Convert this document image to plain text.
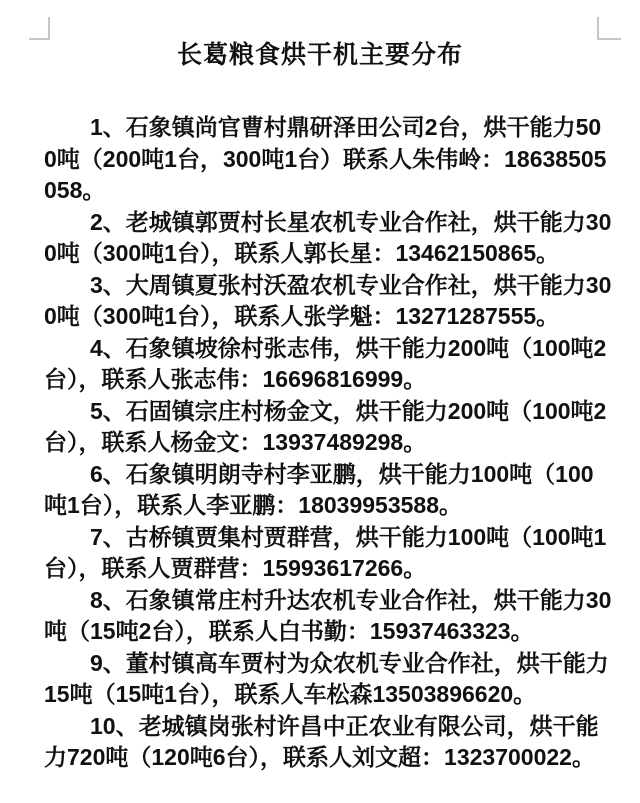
长葛粮食烘干机主要分布

1、石象镇尚官曹村鼎研泽田公司2台，烘干能力500吨（200吨1台，300吨1台）联系人朱伟岭：18638505058。

2、老城镇郭贾村长星农机专业合作社，烘干能力300吨（300吨1台），联系人郭长星：13462150865。

3、大周镇夏张村沃盈农机专业合作社，烘干能力300吨（300吨1台），联系人张学魁：13271287555。

4、石象镇坡徐村张志伟，烘干能力200吨（100吨2台），联系人张志伟：16696816999。

5、石固镇宗庄村杨金文，烘干能力200吨（100吨2台），联系人杨金文：13937489298。

6、石象镇明朗寺村李亚鹏，烘干能力100吨（100吨1台），联系人李亚鹏：18039953588。

7、古桥镇贾集村贾群营，烘干能力100吨（100吨1台），联系人贾群营：15993617266。

8、石象镇常庄村升达农机专业合作社，烘干能力30吨（15吨2台），联系人白书勤：15937463323。

9、董村镇高车贾村为众农机专业合作社，烘干能力15吨（15吨1台），联系人车松森13503896620。

10、老城镇岗张村许昌中正农业有限公司，烘干能力720吨（120吨6台），联系人刘文超：1323700022。
